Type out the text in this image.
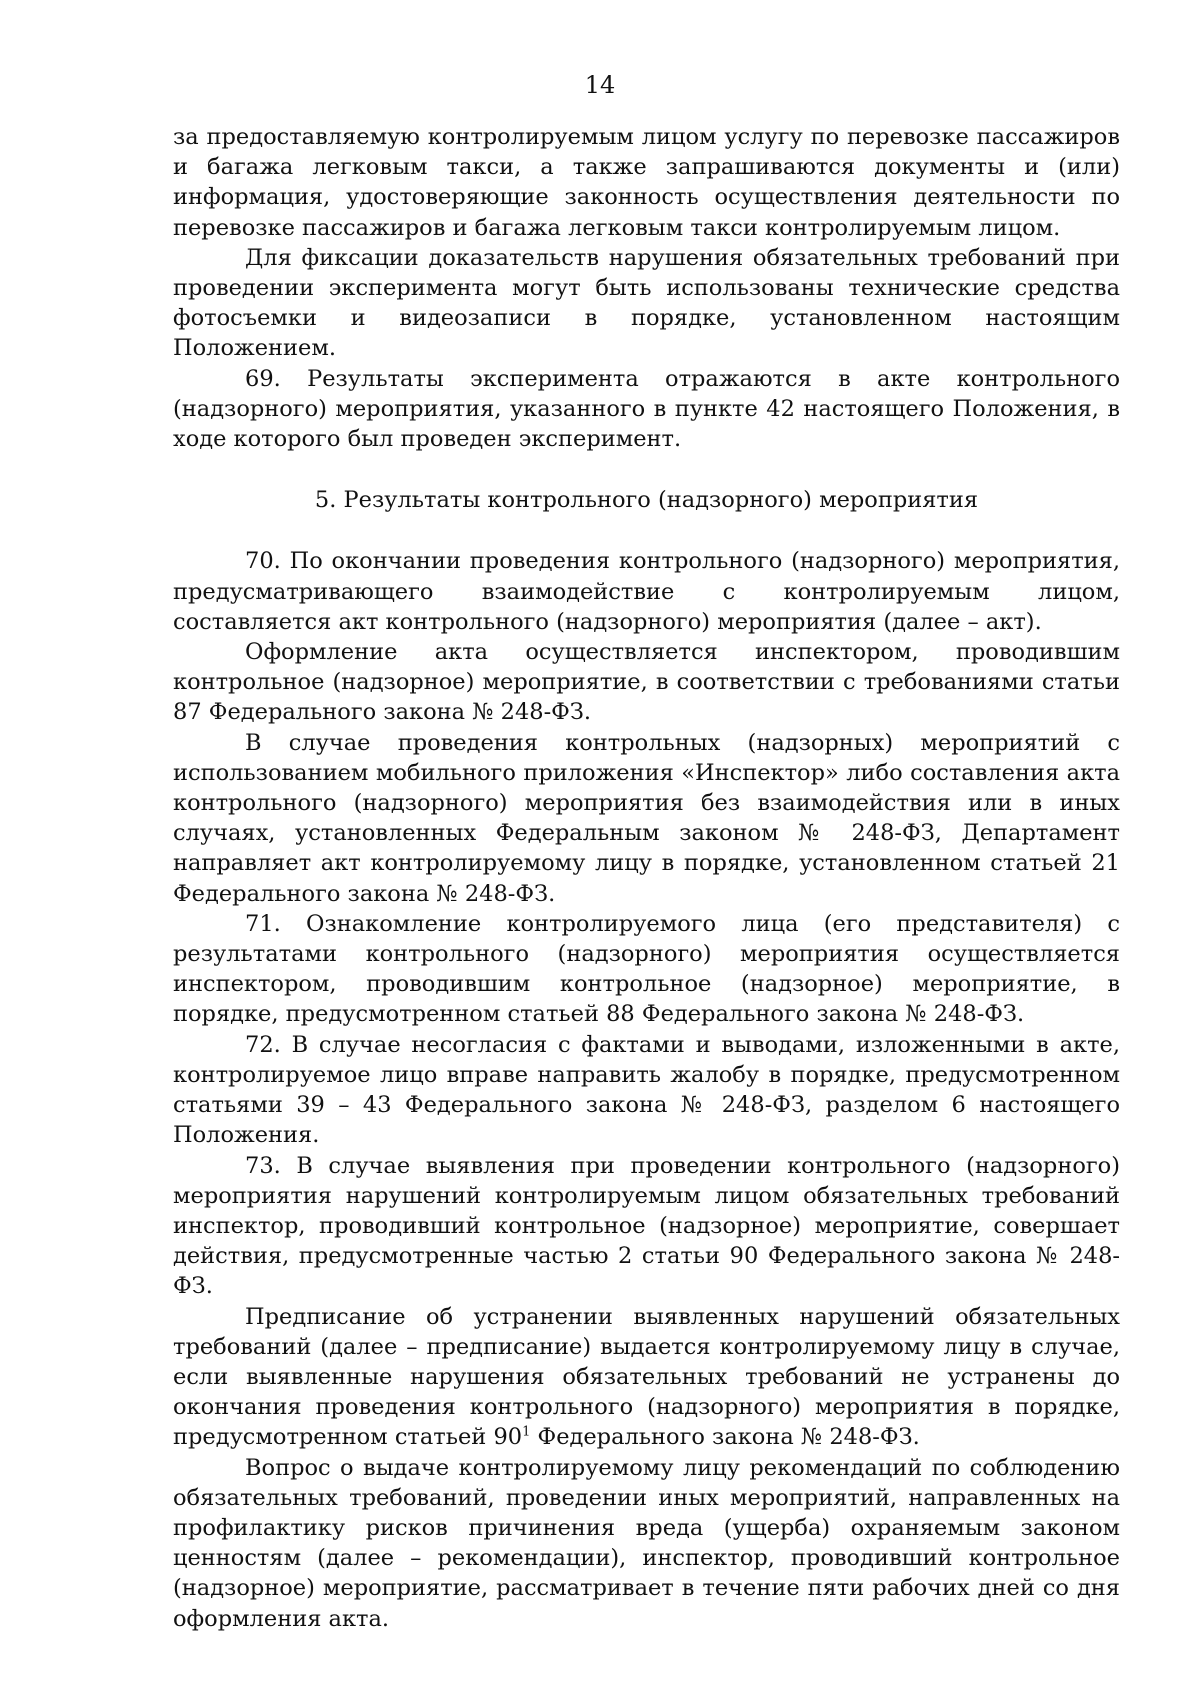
14

за предоставляемую контролируемым лицом услугу по перевозке пассажиров и багажа легковым такси, а также запрашиваются документы и (или) информация, удостоверяющие законность осуществления деятельности по перевозке пассажиров и багажа легковым такси контролируемым лицом.

Для фиксации доказательств нарушения обязательных требований при проведении эксперимента могут быть использованы технические средства фотосъемки и видеозаписи в порядке, установленном настоящим Положением.

69. Результаты эксперимента отражаются в акте контрольного (надзорного) мероприятия, указанного в пункте 42 настоящего Положения, в ходе которого был проведен эксперимент.

5. Результаты контрольного (надзорного) мероприятия

70. По окончании проведения контрольного (надзорного) мероприятия, предусматривающего взаимодействие с контролируемым лицом, составляется акт контрольного (надзорного) мероприятия (далее – акт).

Оформление акта осуществляется инспектором, проводившим контрольное (надзорное) мероприятие, в соответствии с требованиями статьи 87 Федерального закона № 248-ФЗ.

В случае проведения контрольных (надзорных) мероприятий с использованием мобильного приложения «Инспектор» либо составления акта контрольного (надзорного) мероприятия без взаимодействия или в иных случаях, установленных Федеральным законом № 248-ФЗ, Департамент направляет акт контролируемому лицу в порядке, установленном статьей 21 Федерального закона № 248-ФЗ.

71. Ознакомление контролируемого лица (его представителя) с результатами контрольного (надзорного) мероприятия осуществляется инспектором, проводившим контрольное (надзорное) мероприятие, в порядке, предусмотренном статьей 88 Федерального закона № 248-ФЗ.

72. В случае несогласия с фактами и выводами, изложенными в акте, контролируемое лицо вправе направить жалобу в порядке, предусмотренном статьями 39 – 43 Федерального закона № 248-ФЗ, разделом 6 настоящего Положения.

73. В случае выявления при проведении контрольного (надзорного) мероприятия нарушений контролируемым лицом обязательных требований инспектор, проводивший контрольное (надзорное) мероприятие, совершает действия, предусмотренные частью 2 статьи 90 Федерального закона № 248-ФЗ.

Предписание об устранении выявленных нарушений обязательных требований (далее – предписание) выдается контролируемому лицу в случае, если выявленные нарушения обязательных требований не устранены до окончания проведения контрольного (надзорного) мероприятия в порядке, предусмотренном статьей $90^1$ Федерального закона № 248-ФЗ.

Вопрос о выдаче контролируемому лицу рекомендаций по соблюдению обязательных требований, проведении иных мероприятий, направленных на профилактику рисков причинения вреда (ущерба) охраняемым законом ценностям (далее – рекомендации), инспектор, проводивший контрольное (надзорное) мероприятие, рассматривает в течение пяти рабочих дней со дня оформления акта.
